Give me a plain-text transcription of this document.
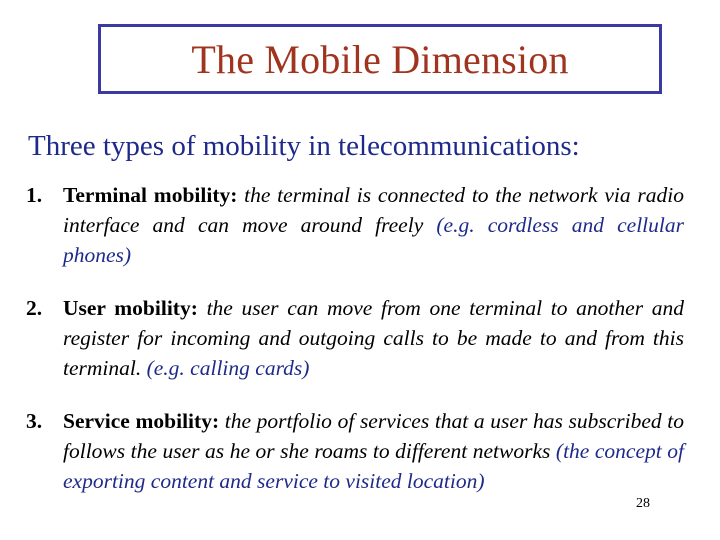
The Mobile Dimension
Three types of mobility in telecommunications:
1. Terminal mobility: the terminal is connected to the network via radio interface and can move around freely (e.g. cordless and cellular phones)
2. User mobility: the user can move from one terminal to another and register for incoming and outgoing calls to be made to and from this terminal. (e.g. calling cards)
3. Service mobility: the portfolio of services that a user has subscribed to follows the user as he or she roams to different networks (the concept of exporting content and service to visited location)
28
